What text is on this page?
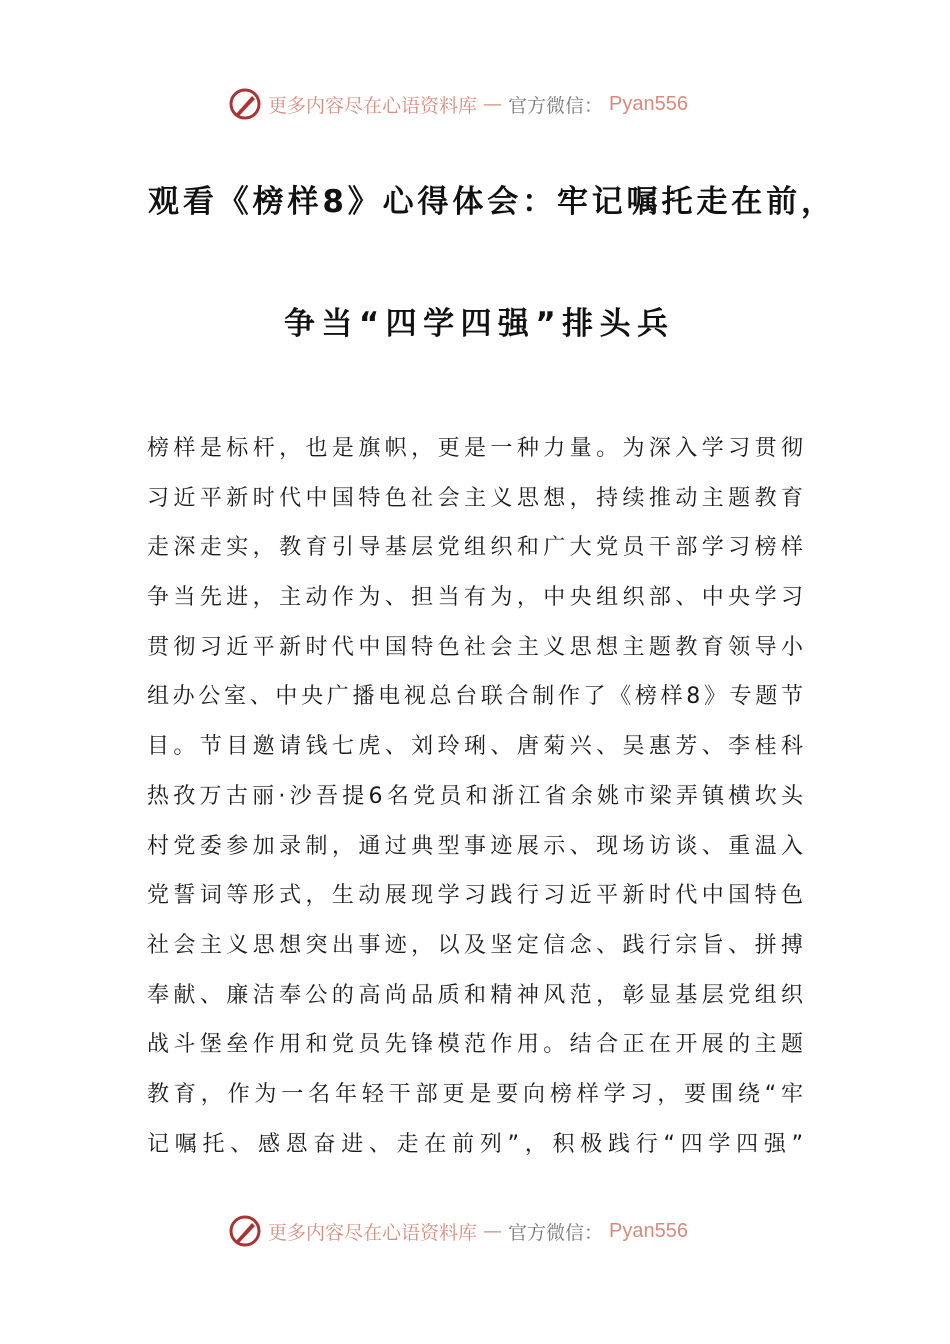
更多内容尽在心语资料库 — 官方微信： Pyan556
观看《榜样8》心得体会：牢记嘱托走在前，
争当“四学四强”排头兵
榜样是标杆，也是旗帜，更是一种力量。为深入学习贯彻
习近平新时代中国特色社会主义思想，持续推动主题教育
走深走实，教育引导基层党组织和广大党员干部学习榜样
争当先进，主动作为、担当有为，中央组织部、中央学习
贯彻习近平新时代中国特色社会主义思想主题教育领导小
组办公室、中央广播电视总台联合制作了《榜样8》专题节
目。节目邀请钱七虎、刘玲琍、唐菊兴、吴惠芳、李桂科
热孜万古丽·沙吾提6名党员和浙江省余姚市梁弄镇横坎头
村党委参加录制，通过典型事迹展示、现场访谈、重温入
党誓词等形式，生动展现学习践行习近平新时代中国特色
社会主义思想突出事迹，以及坚定信念、践行宗旨、拼搏
奉献、廉洁奉公的高尚品质和精神风范，彰显基层党组织
战斗堡垒作用和党员先锋模范作用。结合正在开展的主题
教育，作为一名年轻干部更是要向榜样学习，要围绕“牢
记嘱托、感恩奋进、走在前列”，积极践行“四学四强”
更多内容尽在心语资料库 — 官方微信： Pyan556
